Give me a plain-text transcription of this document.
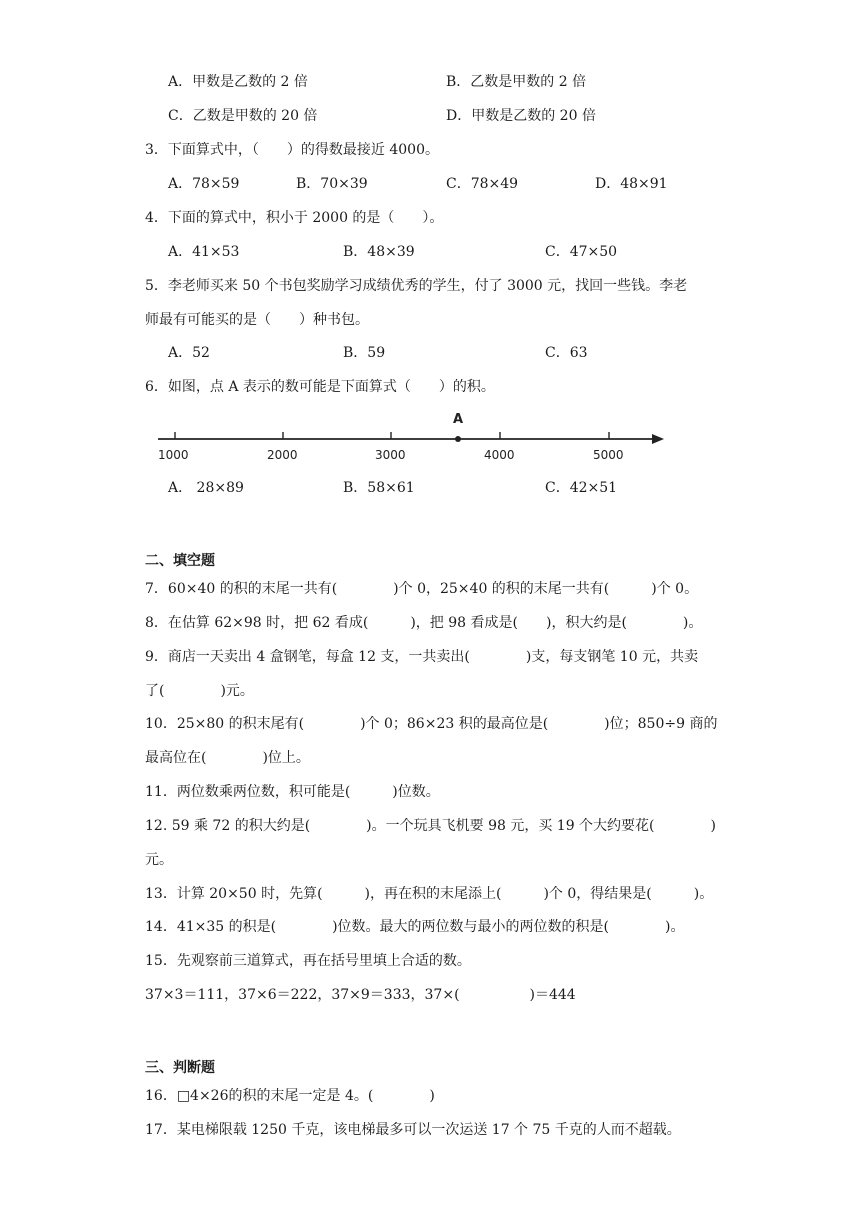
A．甲数是乙数的 2 倍	B．乙数是甲数的 2 倍
C．乙数是甲数的 20 倍	D．甲数是乙数的 20 倍
3．下面算式中，（　　）的得数最接近 4000。
A．78×59	B．70×39	C．78×49	D．48×91
4．下面的算式中，积小于 2000 的是（　　）。
A．41×53	B．48×39	C．47×50
5．李老师买来 50 个书包奖励学习成绩优秀的学生，付了 3000 元，找回一些钱。李老
师最有可能买的是（　　）种书包。
A．52	B．59	C．63
6．如图，点 A 表示的数可能是下面算式（　　）的积。
1000	2000	3000	4000	5000
A
A． 28×89	B．58×61	C．42×51
二、填空题
7．60×40 的积的末尾一共有(　　　　)个 0，25×40 的积的末尾一共有(　　　)个 0。
8．在估算 62×98 时，把 62 看成(　　　)，把 98 看成是(　　)，积大约是(　　　　)。
9．商店一天卖出 4 盒钢笔，每盒 12 支，一共卖出(　　　　)支，每支钢笔 10 元，共卖
了(　　　　)元。
10．25×80 的积末尾有(　　　　)个 0；86×23 积的最高位是(　　　　)位；850÷9 商的
最高位在(　　　　)位上。
11．两位数乘两位数，积可能是(　　　)位数。
12. 59 乘 72 的积大约是(　　　　)。一个玩具飞机要 98 元，买 19 个大约要花(　　　　)
元。
13．计算 20×50 时，先算(　　　)，再在积的末尾添上(　　　)个 0，得结果是(　　　)。
14．41×35 的积是(　　　　)位数。最大的两位数与最小的两位数的积是(　　　　)。
15．先观察前三道算式，再在括号里填上合适的数。
37×3＝111，37×6＝222，37×9＝333，37×(　　　　　)＝444
三、判断题
16．□4×26的积的末尾一定是 4。(　　　　)
17．某电梯限载 1250 千克，该电梯最多可以一次运送 17 个 75 千克的人而不超载。
